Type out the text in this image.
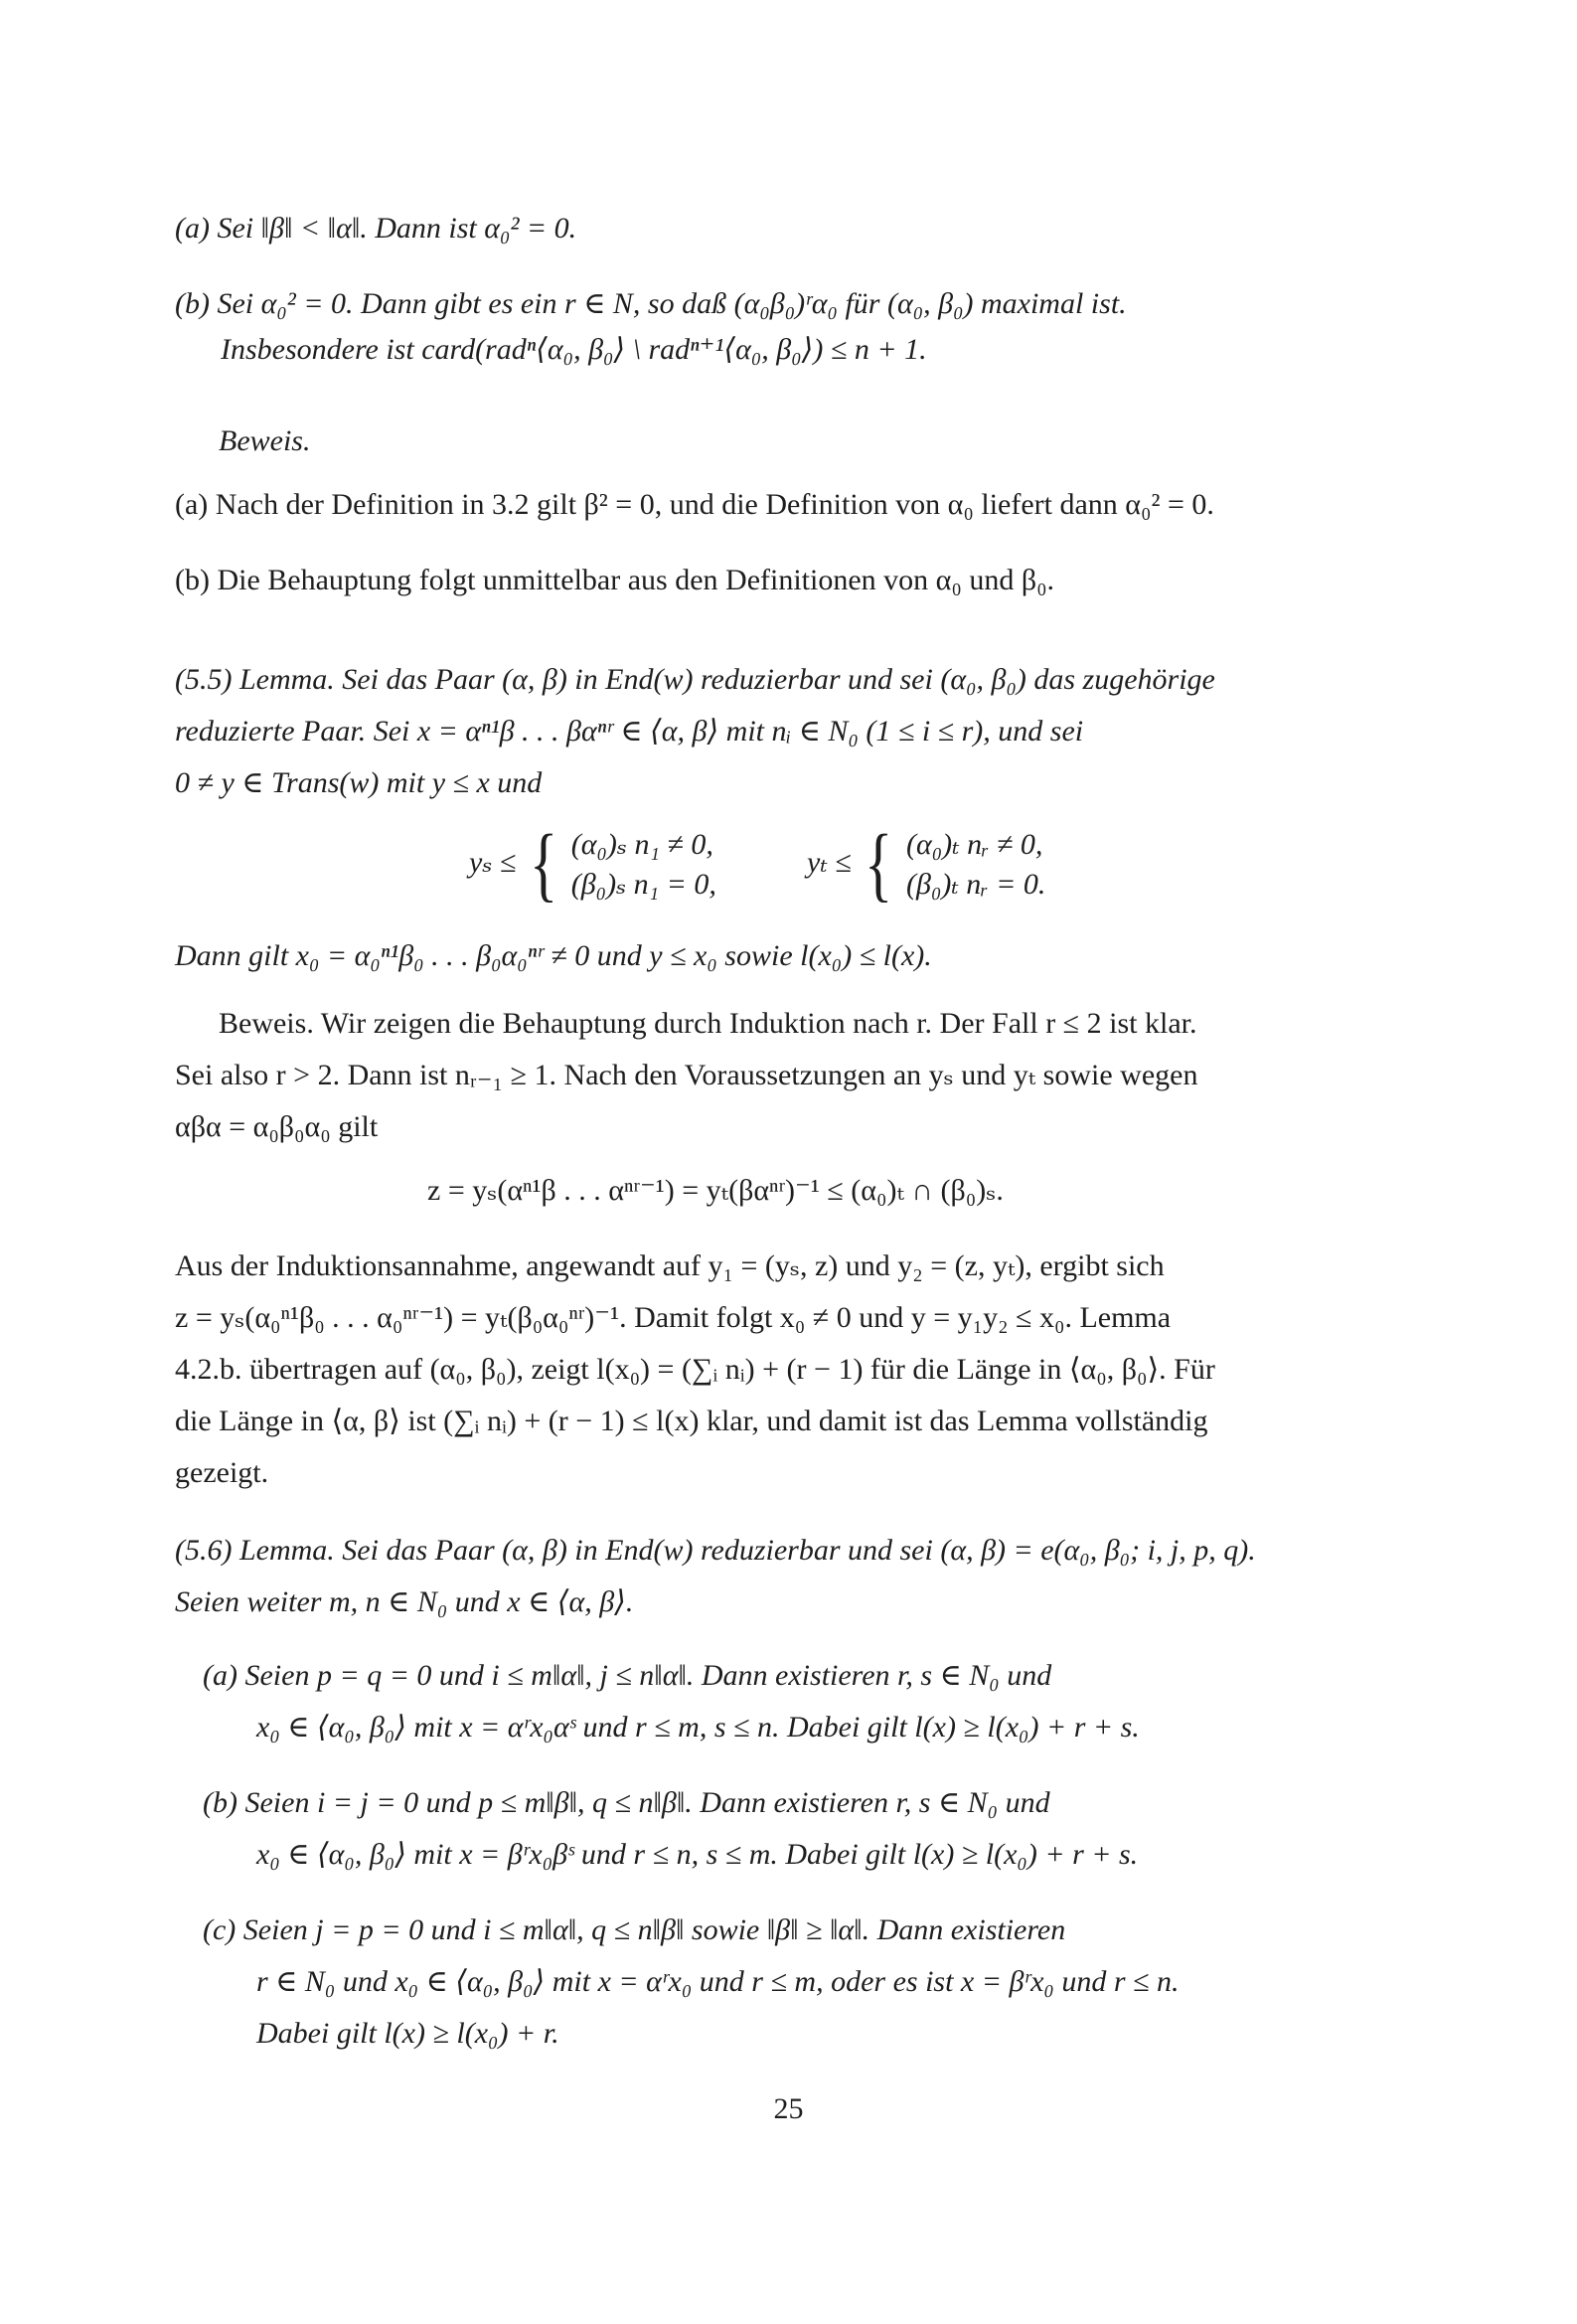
(a) Sei ‖β‖ < ‖α‖. Dann ist α₀² = 0.
(b) Sei α₀² = 0. Dann gibt es ein r ∈ N, so daß (α₀β₀)ʳα₀ für (α₀, β₀) maximal ist.
Insbesondere ist card(radⁿ⟨α₀, β₀⟩ \ radⁿ⁺¹⟨α₀, β₀⟩) ≤ n + 1.
Beweis.
(a) Nach der Definition in 3.2 gilt β² = 0, und die Definition von α₀ liefert dann α₀² = 0.
(b) Die Behauptung folgt unmittelbar aus den Definitionen von α₀ und β₀.
(5.5) Lemma. Sei das Paar (α, β) in End(w) reduzierbar und sei (α₀, β₀) das zugehörige
reduzierte Paar. Sei x = αⁿ¹β . . . βαⁿʳ ∈ ⟨α, β⟩ mit nᵢ ∈ N₀ (1 ≤ i ≤ r), und sei
0 ≠ y ∈ Trans(w) mit y ≤ x und
yₛ ≤ { (α₀)ₛ n₁ ≠ 0,
(β₀)ₛ n₁ = 0,
yₜ ≤ { (α₀)ₜ nᵣ ≠ 0,
(β₀)ₜ nᵣ = 0.
Dann gilt x₀ = α₀ⁿ¹β₀ . . . β₀α₀ⁿʳ ≠ 0 und y ≤ x₀ sowie l(x₀) ≤ l(x).
Beweis. Wir zeigen die Behauptung durch Induktion nach r. Der Fall r ≤ 2 ist klar.
Sei also r > 2. Dann ist nᵣ₋₁ ≥ 1. Nach den Voraussetzungen an yₛ und yₜ sowie wegen
αβα = α₀β₀α₀ gilt
z = yₛ(αⁿ¹β . . . αⁿʳ⁻¹) = yₜ(βαⁿʳ)⁻¹ ≤ (α₀)ₜ ∩ (β₀)ₛ.
Aus der Induktionsannahme, angewandt auf y₁ = (yₛ, z) und y₂ = (z, yₜ), ergibt sich
z = yₛ(α₀ⁿ¹β₀ . . . α₀ⁿʳ⁻¹) = yₜ(β₀α₀ⁿʳ)⁻¹. Damit folgt x₀ ≠ 0 und y = y₁y₂ ≤ x₀. Lemma
4.2.b. übertragen auf (α₀, β₀), zeigt l(x₀) = (∑ᵢ nᵢ) + (r − 1) für die Länge in ⟨α₀, β₀⟩. Für
die Länge in ⟨α, β⟩ ist (∑ᵢ nᵢ) + (r − 1) ≤ l(x) klar, und damit ist das Lemma vollständig
gezeigt.
(5.6) Lemma. Sei das Paar (α, β) in End(w) reduzierbar und sei (α, β) = e(α₀, β₀; i, j, p, q).
Seien weiter m, n ∈ N₀ und x ∈ ⟨α, β⟩.
(a) Seien p = q = 0 und i ≤ m‖α‖, j ≤ n‖α‖. Dann existieren r, s ∈ N₀ und
x₀ ∈ ⟨α₀, β₀⟩ mit x = αʳx₀αˢ und r ≤ m, s ≤ n. Dabei gilt l(x) ≥ l(x₀) + r + s.
(b) Seien i = j = 0 und p ≤ m‖β‖, q ≤ n‖β‖. Dann existieren r, s ∈ N₀ und
x₀ ∈ ⟨α₀, β₀⟩ mit x = βʳx₀βˢ und r ≤ n, s ≤ m. Dabei gilt l(x) ≥ l(x₀) + r + s.
(c) Seien j = p = 0 und i ≤ m‖α‖, q ≤ n‖β‖ sowie ‖β‖ ≥ ‖α‖. Dann existieren
r ∈ N₀ und x₀ ∈ ⟨α₀, β₀⟩ mit x = αʳx₀ und r ≤ m, oder es ist x = βʳx₀ und r ≤ n.
Dabei gilt l(x) ≥ l(x₀) + r.
25
